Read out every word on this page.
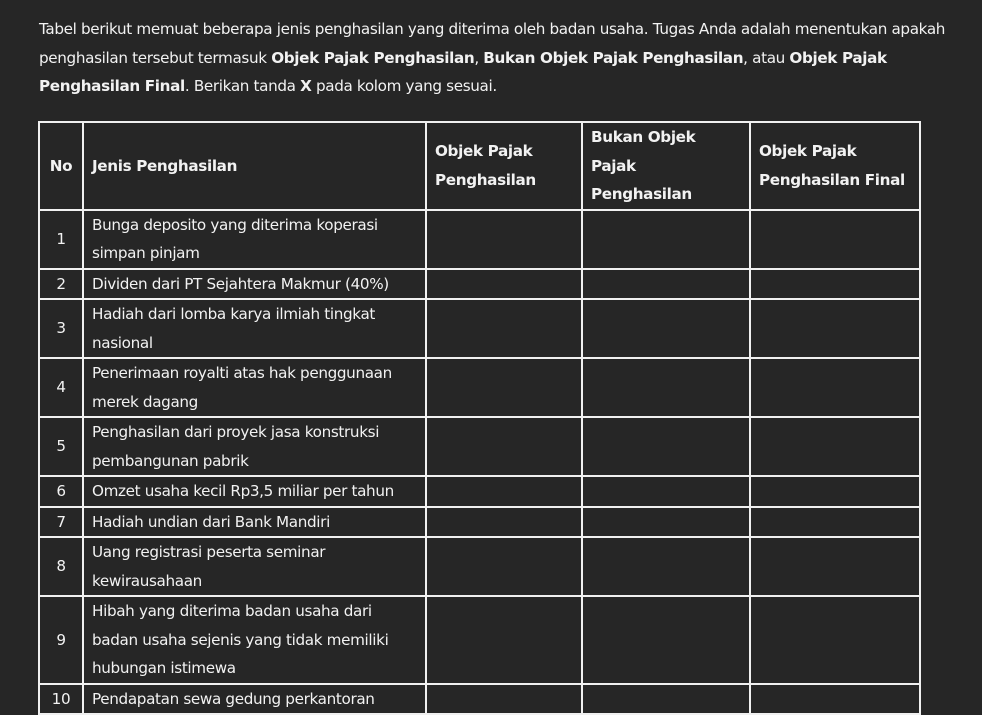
Tabel berikut memuat beberapa jenis penghasilan yang diterima oleh badan usaha. Tugas Anda adalah menentukan apakah penghasilan tersebut termasuk Objek Pajak Penghasilan, Bukan Objek Pajak Penghasilan, atau Objek Pajak Penghasilan Final. Berikan tanda X pada kolom yang sesuai.

No	Jenis Penghasilan	Objek Pajak Penghasilan	Bukan Objek Pajak Penghasilan	Objek Pajak Penghasilan Final
1	Bunga deposito yang diterima koperasi simpan pinjam			
2	Dividen dari PT Sejahtera Makmur (40%)			
3	Hadiah dari lomba karya ilmiah tingkat nasional			
4	Penerimaan royalti atas hak penggunaan merek dagang			
5	Penghasilan dari proyek jasa konstruksi pembangunan pabrik			
6	Omzet usaha kecil Rp3,5 miliar per tahun			
7	Hadiah undian dari Bank Mandiri			
8	Uang registrasi peserta seminar kewirausahaan			
9	Hibah yang diterima badan usaha dari badan usaha sejenis yang tidak memiliki hubungan istimewa			
10	Pendapatan sewa gedung perkantoran			
